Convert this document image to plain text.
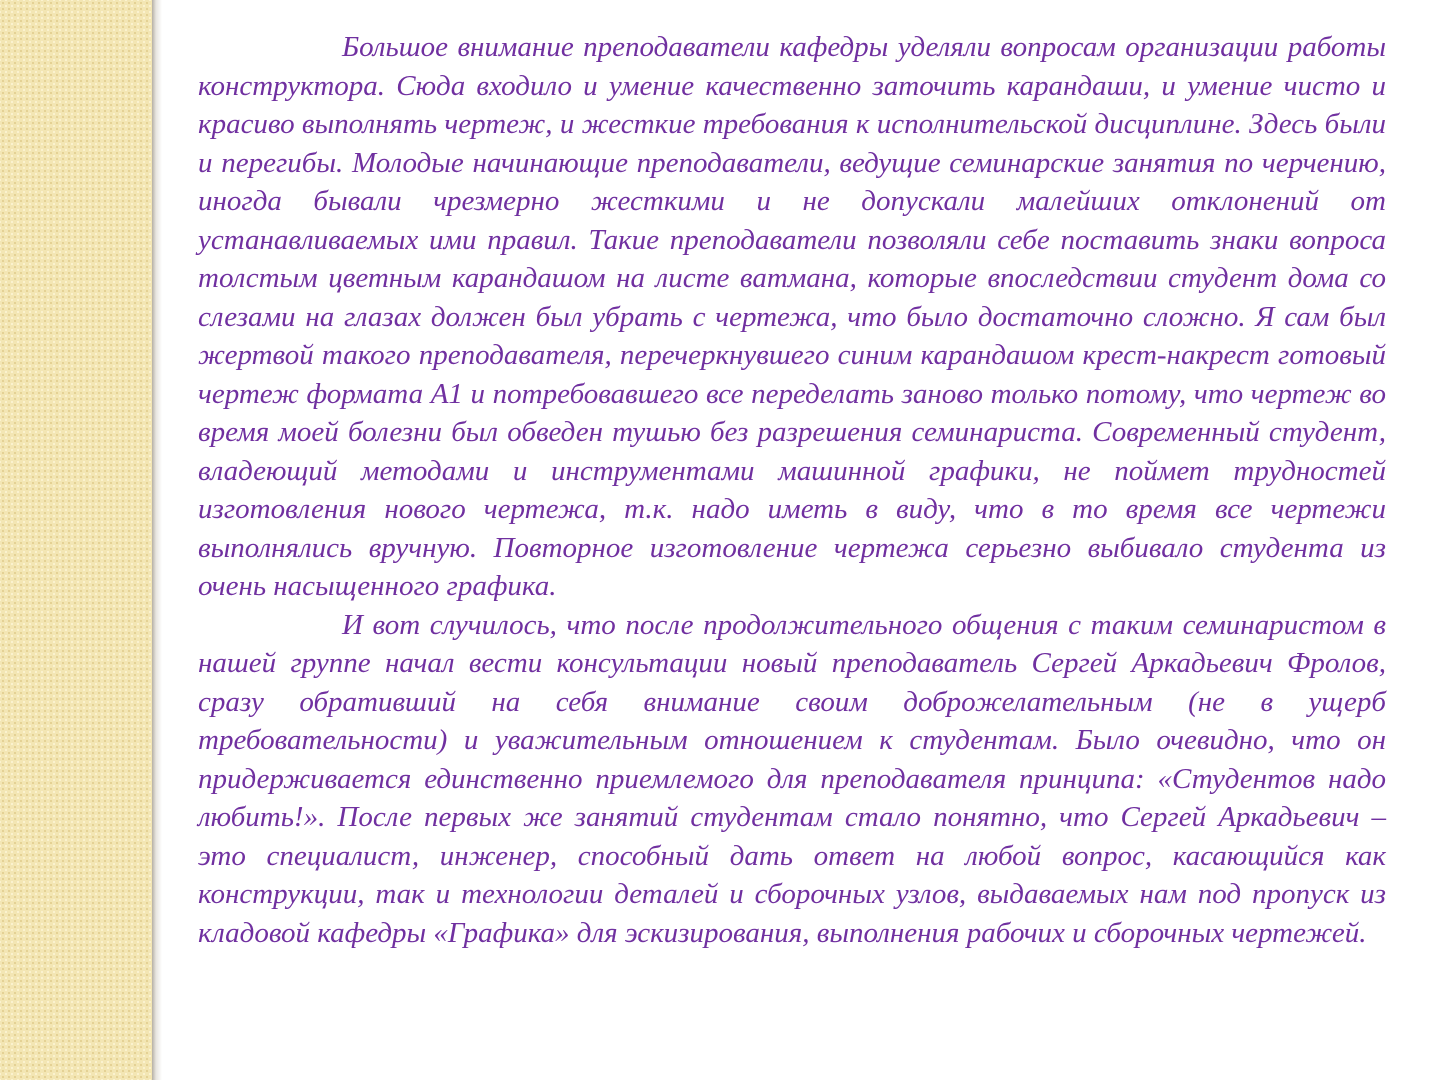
Большое внимание преподаватели кафедры уделяли вопросам организации работы конструктора. Сюда входило и умение качественно заточить карандаши, и умение чисто и красиво выполнять чертеж, и жесткие требования к исполнительской дисциплине. Здесь были и перегибы. Молодые начинающие преподаватели, ведущие семинарские занятия по черчению, иногда бывали чрезмерно жесткими и не допускали малейших отклонений от устанавливаемых ими правил. Такие преподаватели позволяли себе поставить знаки вопроса толстым цветным карандашом на листе ватмана, которые впоследствии студент дома со слезами на глазах должен был убрать с чертежа, что было достаточно сложно. Я сам был жертвой такого преподавателя, перечеркнувшего синим карандашом крест-накрест готовый чертеж формата А1 и потребовавшего все переделать заново только потому, что чертеж во время моей болезни был обведен тушью без разрешения семинариста. Современный студент, владеющий методами и инструментами машинной графики, не поймет трудностей изготовления нового чертежа, т.к. надо иметь в виду, что в то время все чертежи выполнялись вручную. Повторное изготовление чертежа серьезно выбивало студента из очень насыщенного графика.

И вот случилось, что после продолжительного общения с таким семинаристом в нашей группе начал вести консультации новый преподаватель Сергей Аркадьевич Фролов, сразу обративший на себя внимание своим доброжелательным (не в ущерб требовательности) и уважительным отношением к студентам. Было очевидно, что он придерживается единственно приемлемого для преподавателя принципа: «Студентов надо любить!». После первых же занятий студентам стало понятно, что Сергей Аркадьевич – это специалист, инженер, способный дать ответ на любой вопрос, касающийся как конструкции, так и технологии деталей и сборочных узлов, выдаваемых нам под пропуск из кладовой кафедры «Графика» для эскизирования, выполнения рабочих и сборочных чертежей.
